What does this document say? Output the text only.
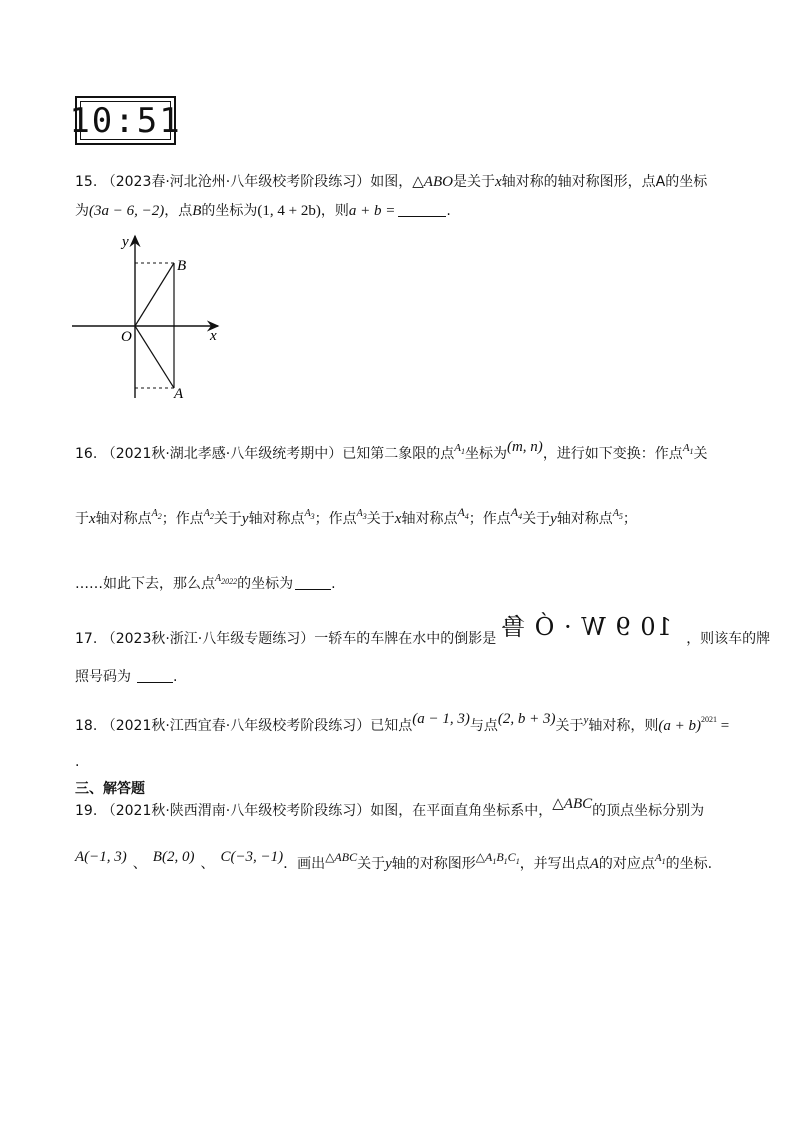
10:51
15. （2023春·河北沧州·八年级校考阶段练习）如图，△ABO是关于x轴对称的轴对称图形，点A的坐标
为(3a − 6, −2)，点B的坐标为(1, 4 + 2b)，则a + b =	.
y
x
O
B
A
16. （2021秋·湖北孝感·八年级统考期中）已知第二象限的点$A_1$坐标为(m, n)，进行如下变换：作点$A_1$关
于x轴对称点$A_2$；作点$A_2$关于y轴对称点$A_3$；作点$A_3$关于x轴对称点$A_4$；作点$A_4$关于y轴对称点$A_5$；
……如此下去，那么点$A_{2022}$的坐标为	.
17. （2023秋·浙江·八年级专题练习）一轿车的车牌在水中的倒影是 10 9 W · Ó 鲁 ，则该车的牌
照号码为	.
18. （2021秋·江西宜春·八年级校考阶段练习）已知点(a − 1, 3)与点(2, b + 3)关于$^y$轴对称，则$(a + b)^{2021}$ =
.
三、解答题
19. （2021秋·陕西渭南·八年级校考阶段练习）如图，在平面直角坐标系中，△ABC的顶点坐标分别为
A(−1, 3) 、 B(2, 0) 、 C(−3, −1)．画出△ABC关于y轴的对称图形$\triangle A_1B_1C_1$，并写出点A的对应点$A_1$的坐标.
